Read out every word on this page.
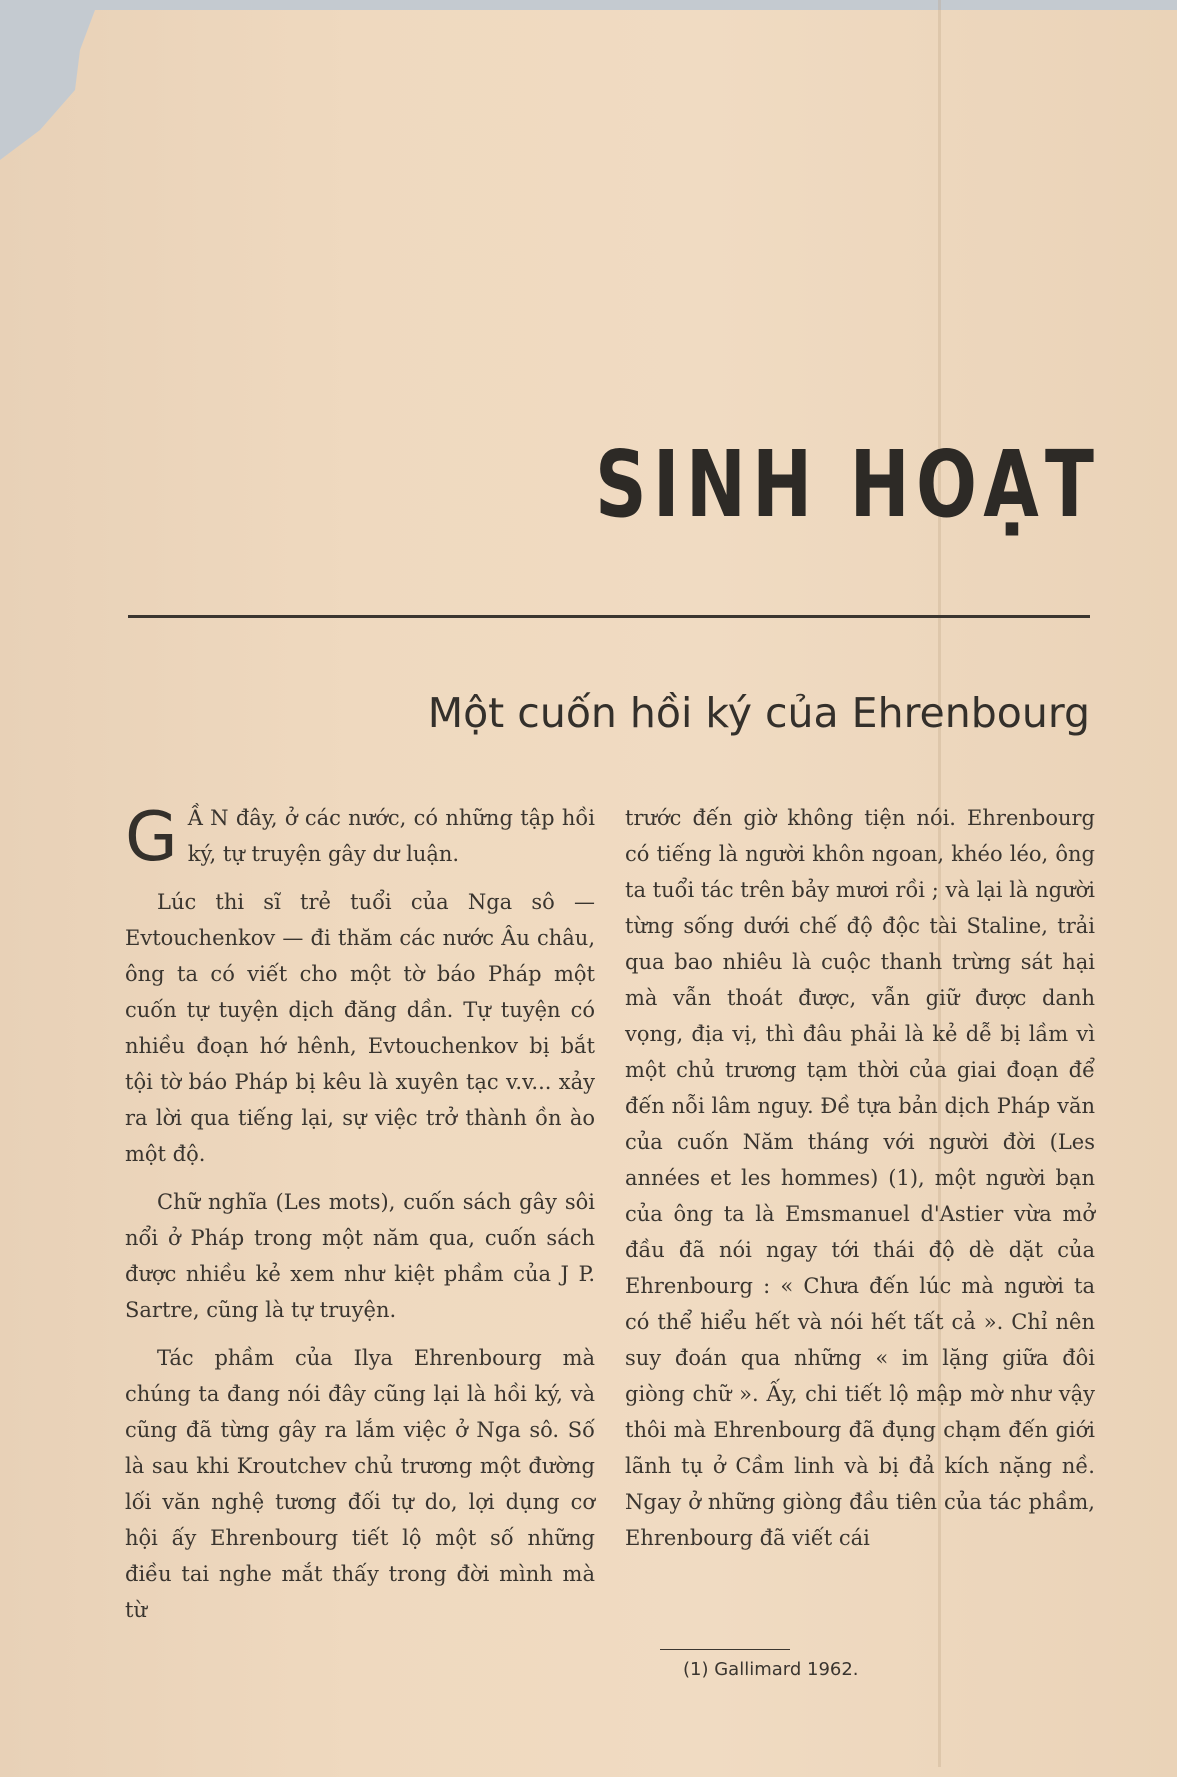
SINH HOẠT
Một cuốn hồi ký của Ehrenbourg

G Ầ N đây, ở các nước, có những tập hồi ký, tự truyện gây dư luận.

Lúc thi sĩ trẻ tuổi của Nga sô — Evtouchenkov — đi thăm các nước Âu châu, ông ta có viết cho một tờ báo Pháp một cuốn tự tuyện dịch đăng dần. Tự tuyện có nhiều đoạn hớ hênh, Evtouchenkov bị bắt tội tờ báo Pháp bị kêu là xuyên tạc v.v... xảy ra lời qua tiếng lại, sự việc trở thành ồn ào một độ.

Chữ nghĩa (Les mots), cuốn sách gây sôi nổi ở Pháp trong một năm qua, cuốn sách được nhiều kẻ xem như kiệt phầm của J P. Sartre, cũng là tự truyện.

Tác phầm của Ilya Ehrenbourg mà chúng ta đang nói đây cũng lại là hồi ký, và cũng đã từng gây ra lắm việc ở Nga sô. Số là sau khi Kroutchev chủ trương một đường lối văn nghệ tương đối tự do, lợi dụng cơ hội ấy Ehrenbourg tiết lộ một số những điều tai nghe mắt thấy trong đời mình mà từ

trước đến giờ không tiện nói. Ehrenbourg có tiếng là người khôn ngoan, khéo léo, ông ta tuổi tác trên bảy mươi rồi ; và lại là người từng sống dưới chế độ độc tài Staline, trải qua bao nhiêu là cuộc thanh trừng sát hại mà vẫn thoát được, vẫn giữ được danh vọng, địa vị, thì đâu phải là kẻ dễ bị lầm vì một chủ trương tạm thời của giai đoạn để đến nỗi lâm nguy. Đề tựa bản dịch Pháp văn của cuốn Năm tháng với người đời (Les années et les hommes) (1), một người bạn của ông ta là Emsmanuel d'Astier vừa mở đầu đã nói ngay tới thái độ dè dặt của Ehrenbourg : « Chưa đến lúc mà người ta có thể hiểu hết và nói hết tất cả ». Chỉ nên suy đoán qua những « im lặng giữa đôi giòng chữ ». Ấy, chi tiết lộ mập mờ như vậy thôi mà Ehrenbourg đã đụng chạm đến giới lãnh tụ ở Cầm linh và bị đả kích nặng nề. Ngay ở những giòng đầu tiên của tác phầm, Ehrenbourg đã viết cái

(1) Gallimard 1962.
